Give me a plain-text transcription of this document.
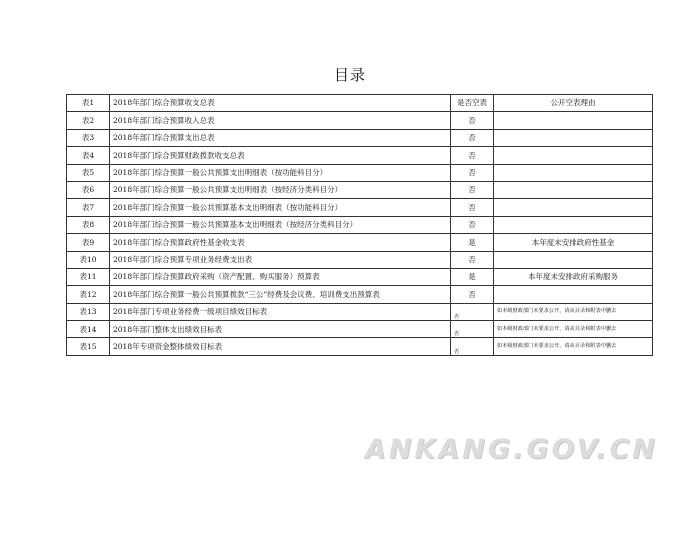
目录
表1	2018年部门综合预算收支总表	是否空表	公开空表理由
表2	2018年部门综合预算收入总表	否	
表3	2018年部门综合预算支出总表	否	
表4	2018年部门综合预算财政拨款收支总表	否	
表5	2018年部门综合预算一般公共预算支出明细表（按功能科目分）	否	
表6	2018年部门综合预算一般公共预算支出明细表（按经济分类科目分）	否	
表7	2018年部门综合预算一般公共预算基本支出明细表（按功能科目分）	否	
表8	2018年部门综合预算一般公共预算基本支出明细表（按经济分类科目分）	否	
表9	2018年部门综合预算政府性基金收支表	是	本年度未安排政府性基金
表10	2018年部门综合预算专项业务经费支出表	否	
表11	2018年部门综合预算政府采购（资产配置、购买服务）预算表	是	本年度未安排政府采购服务
表12	2018年部门综合预算一般公共预算拨款“三公”经费及会议费、培训费支出预算表	否	
表13	2018年部门专项业务经费一级项目绩效目标表	否	如本级财政部门未要求公开，请从目录和附表中删去
表14	2018年部门整体支出绩效目标表	否	如本级财政部门未要求公开，请从目录和附表中删去
表15	2018年专项资金整体绩效目标表	否	如本级财政部门未要求公开，请从目录和附表中删去
ANKANG.GOV.CN
